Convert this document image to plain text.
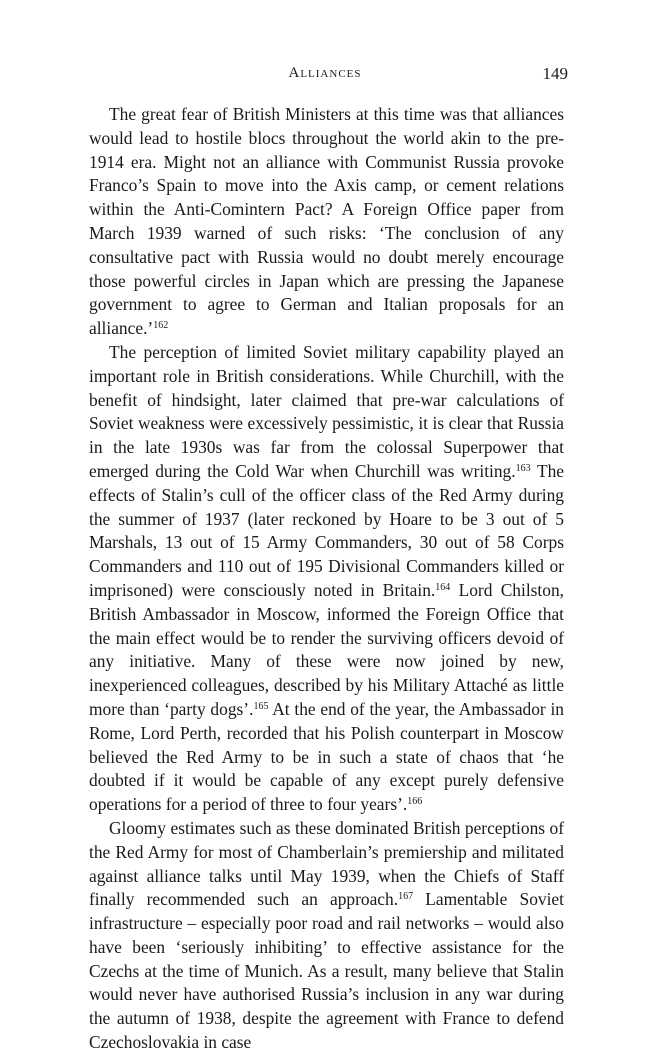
Alliances	149

The great fear of British Ministers at this time was that alliances would lead to hostile blocs throughout the world akin to the pre-1914 era. Might not an alliance with Communist Russia provoke Franco’s Spain to move into the Axis camp, or cement relations within the Anti-Comintern Pact? A Foreign Office paper from March 1939 warned of such risks: ‘The conclusion of any consultative pact with Russia would no doubt merely encourage those powerful circles in Japan which are pressing the Japanese government to agree to German and Italian proposals for an alliance.’$^{162}$

The perception of limited Soviet military capability played an important role in British considerations. While Churchill, with the benefit of hindsight, later claimed that pre-war calculations of Soviet weakness were excessively pessimistic, it is clear that Russia in the late 1930s was far from the colossal Superpower that emerged during the Cold War when Churchill was writing.$^{163}$ The effects of Stalin’s cull of the officer class of the Red Army during the summer of 1937 (later reckoned by Hoare to be 3 out of 5 Marshals, 13 out of 15 Army Commanders, 30 out of 58 Corps Commanders and 110 out of 195 Divisional Commanders killed or imprisoned) were consciously noted in Britain.$^{164}$ Lord Chilston, British Ambassador in Moscow, informed the Foreign Office that the main effect would be to render the surviving officers devoid of any initiative. Many of these were now joined by new, inexperienced colleagues, described by his Military Attaché as little more than ‘party dogs’.$^{165}$ At the end of the year, the Ambassador in Rome, Lord Perth, recorded that his Polish counterpart in Moscow believed the Red Army to be in such a state of chaos that ‘he doubted if it would be capable of any except purely defensive operations for a period of three to four years’.$^{166}$

Gloomy estimates such as these dominated British perceptions of the Red Army for most of Chamberlain’s premiership and militated against alliance talks until May 1939, when the Chiefs of Staff finally recommended such an approach.$^{167}$ Lamentable Soviet infrastructure – especially poor road and rail networks – would also have been ‘seriously inhibiting’ to effective assistance for the Czechs at the time of Munich. As a result, many believe that Stalin would never have authorised Russia’s inclusion in any war during the autumn of 1938, despite the agreement with France to defend Czechoslovakia in case
